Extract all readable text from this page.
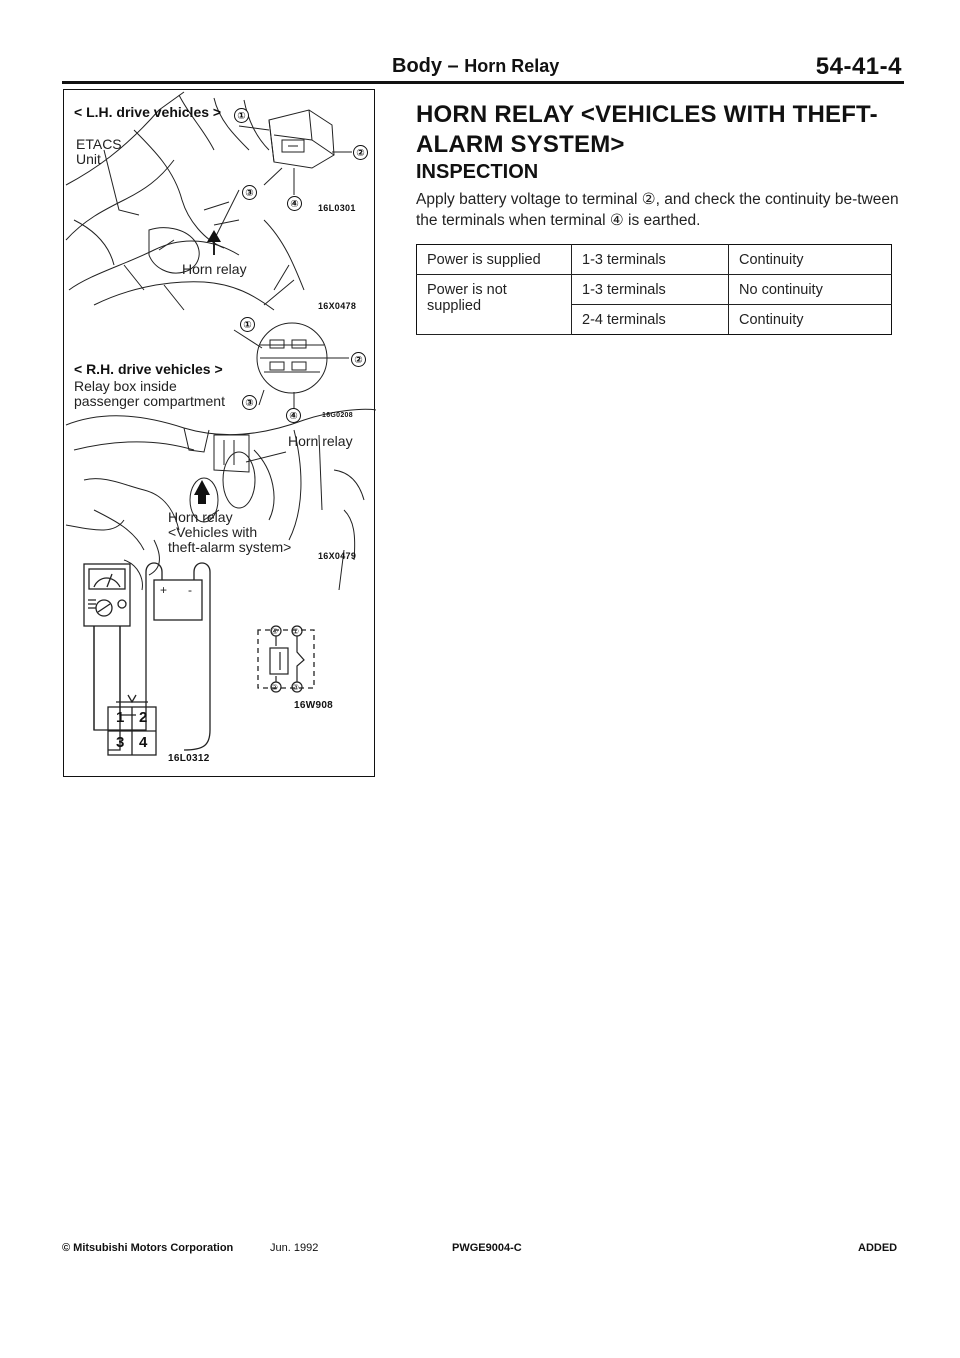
Body – Horn Relay	54-41-4
< L.H. drive vehicles >
ETACS
Unit
Horn relay
16L0301
16X0478
①
②
③
④
< R.H. drive vehicles >
Relay box inside
passenger compartment
①
②
③
④	16G0208
Horn relay
Horn relay
<Vehicles with
theft-alarm system>
16X0479
+ -
16W908
16L0312
1 2
3 4
④ ①
② ③
HORN RELAY <VEHICLES WITH THEFT-ALARM SYSTEM>
INSPECTION
Apply battery voltage to terminal ②, and check the continuity be-tween the terminals when terminal ④ is earthed.
Power is supplied	1-3 terminals	Continuity
Power is not supplied	1-3 terminals	No continuity
	2-4 terminals	Continuity
© Mitsubishi Motors Corporation	Jun. 1992	PWGE9004-C	ADDED
